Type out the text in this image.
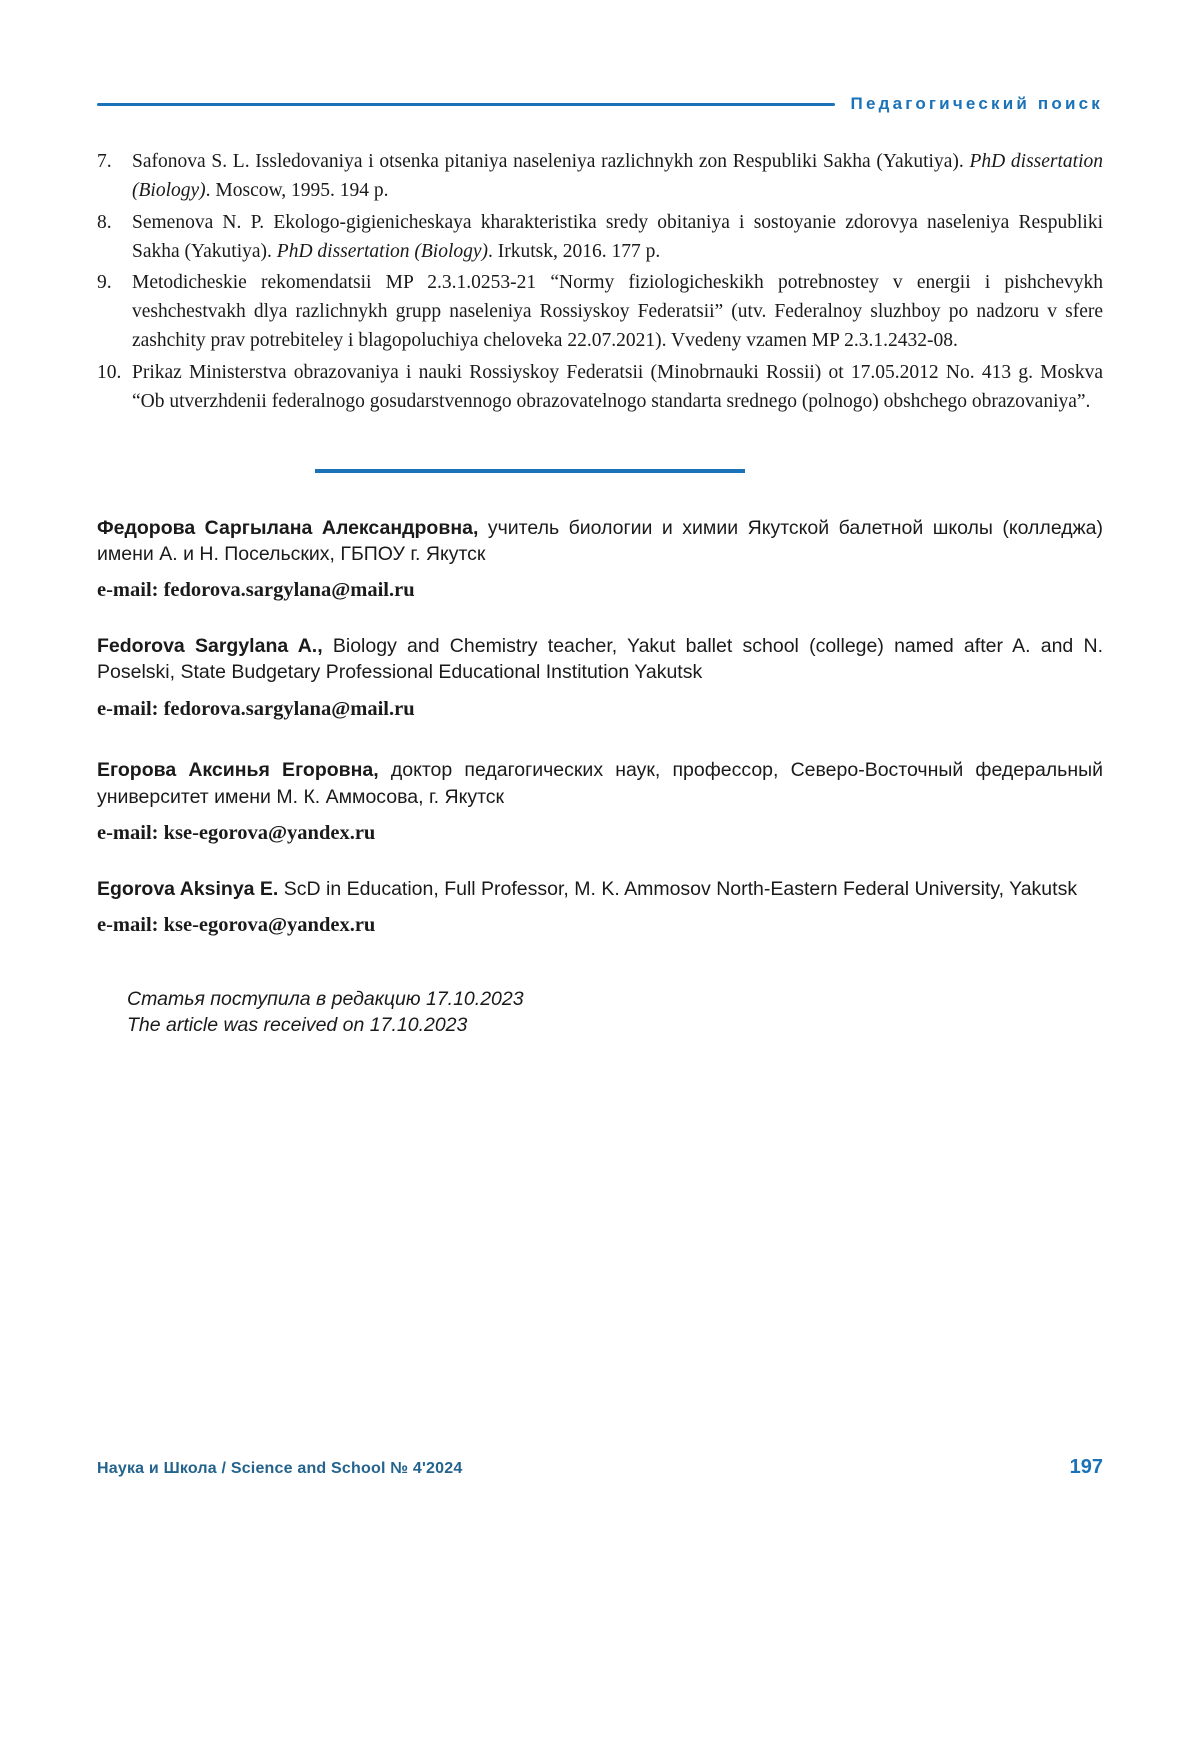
Педагогический поиск
7. Safonova S. L. Issledovaniya i otsenka pitaniya naseleniya razlichnykh zon Respubliki Sakha (Yakutiya). PhD dissertation (Biology). Moscow, 1995. 194 p.
8. Semenova N. P. Ekologo-gigienicheskaya kharakteristika sredy obitaniya i sostoyanie zdorovya naseleniya Respubliki Sakha (Yakutiya). PhD dissertation (Biology). Irkutsk, 2016. 177 p.
9. Metodicheskie rekomendatsii MP 2.3.1.0253-21 “Normy fiziologicheskikh potrebnostey v energii i pishchevykh veshchestvakh dlya razlichnykh grupp naseleniya Rossiyskoy Federatsii” (utv. Federalnoy sluzhboy po nadzoru v sfere zashchity prav potrebiteley i blagopoluchiya cheloveka 22.07.2021). Vvedeny vzamen MP 2.3.1.2432-08.
10. Prikaz Ministerstva obrazovaniya i nauki Rossiyskoy Federatsii (Minobrnauki Rossii) ot 17.05.2012 No. 413 g. Moskva “Ob utverzhdenii federalnogo gosudarstvennogo obrazovatelnogo standarta srednego (polnogo) obshchego obrazovaniya”.

Федорова Саргылана Александровна, учитель биологии и химии Якутской балетной школы (колледжа) имени А. и Н. Посельских, ГБПОУ г. Якутск

e-mail: fedorova.sargylana@mail.ru

Fedorova Sargylana A., Biology and Chemistry teacher, Yakut ballet school (college) named after A. and N. Poselski, State Budgetary Professional Educational Institution Yakutsk

e-mail: fedorova.sargylana@mail.ru

Егорова Аксинья Егоровна, доктор педагогических наук, профессор, Северо-Восточный федеральный университет имени М. К. Аммосова, г. Якутск

e-mail: kse-egorova@yandex.ru

Egorova Aksinya E. ScD in Education, Full Professor, M. K. Ammosov North-Eastern Federal University, Yakutsk

e-mail: kse-egorova@yandex.ru

Статья поступила в редакцию 17.10.2023

The article was received on 17.10.2023

Наука и Школа / Science and School № 4'2024	197
